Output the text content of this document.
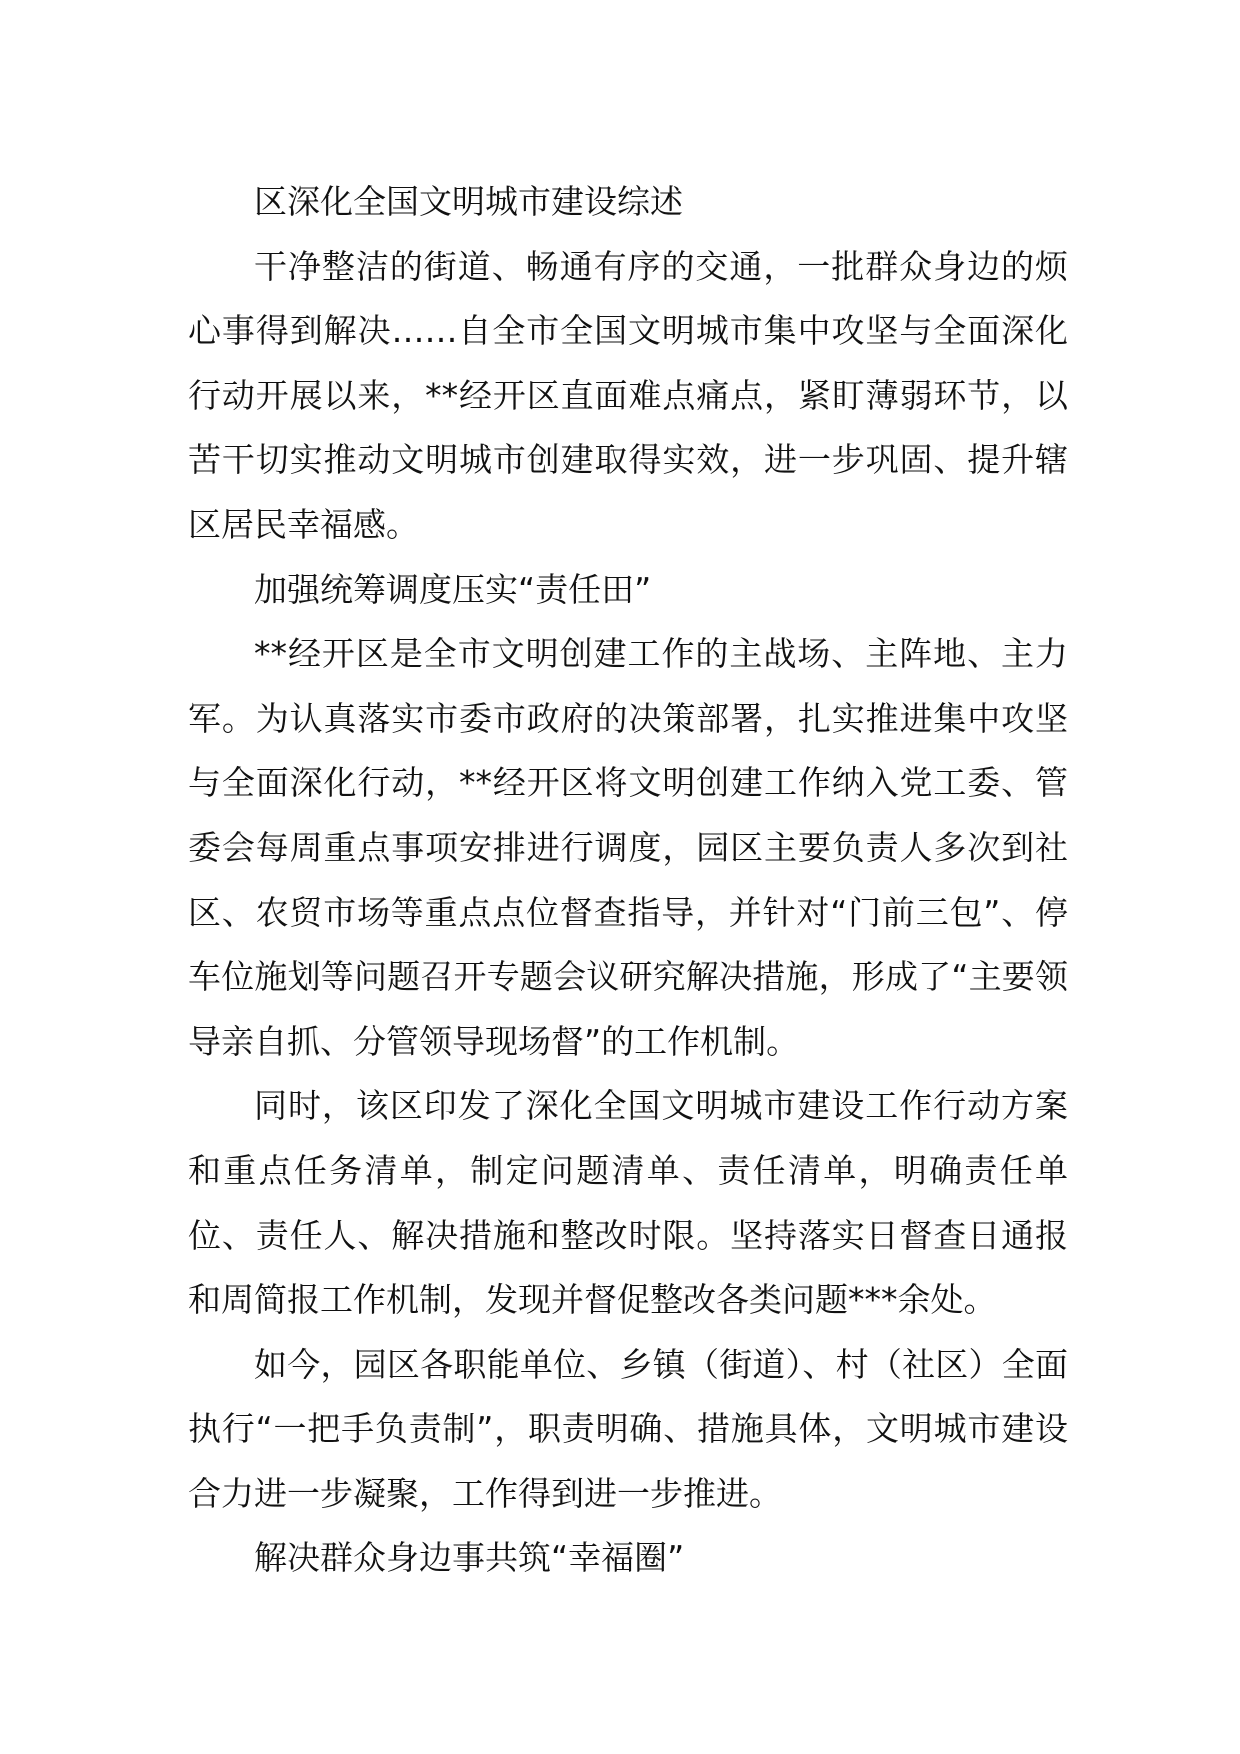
区深化全国文明城市建设综述

干净整洁的街道、畅通有序的交通，一批群众身边的烦心事得到解决……自全市全国文明城市集中攻坚与全面深化行动开展以来，**经开区直面难点痛点，紧盯薄弱环节，以苦干切实推动文明城市创建取得实效，进一步巩固、提升辖区居民幸福感。

加强统筹调度压实“责任田”

**经开区是全市文明创建工作的主战场、主阵地、主力军。为认真落实市委市政府的决策部署，扎实推进集中攻坚与全面深化行动，**经开区将文明创建工作纳入党工委、管委会每周重点事项安排进行调度，园区主要负责人多次到社区、农贸市场等重点点位督查指导，并针对“门前三包”、停车位施划等问题召开专题会议研究解决措施，形成了“主要领导亲自抓、分管领导现场督”的工作机制。

同时，该区印发了深化全国文明城市建设工作行动方案和重点任务清单，制定问题清单、责任清单，明确责任单位、责任人、解决措施和整改时限。坚持落实日督查日通报和周简报工作机制，发现并督促整改各类问题***余处。

如今，园区各职能单位、乡镇（街道）、村（社区）全面执行“一把手负责制”，职责明确、措施具体，文明城市建设合力进一步凝聚，工作得到进一步推进。

解决群众身边事共筑“幸福圈”
